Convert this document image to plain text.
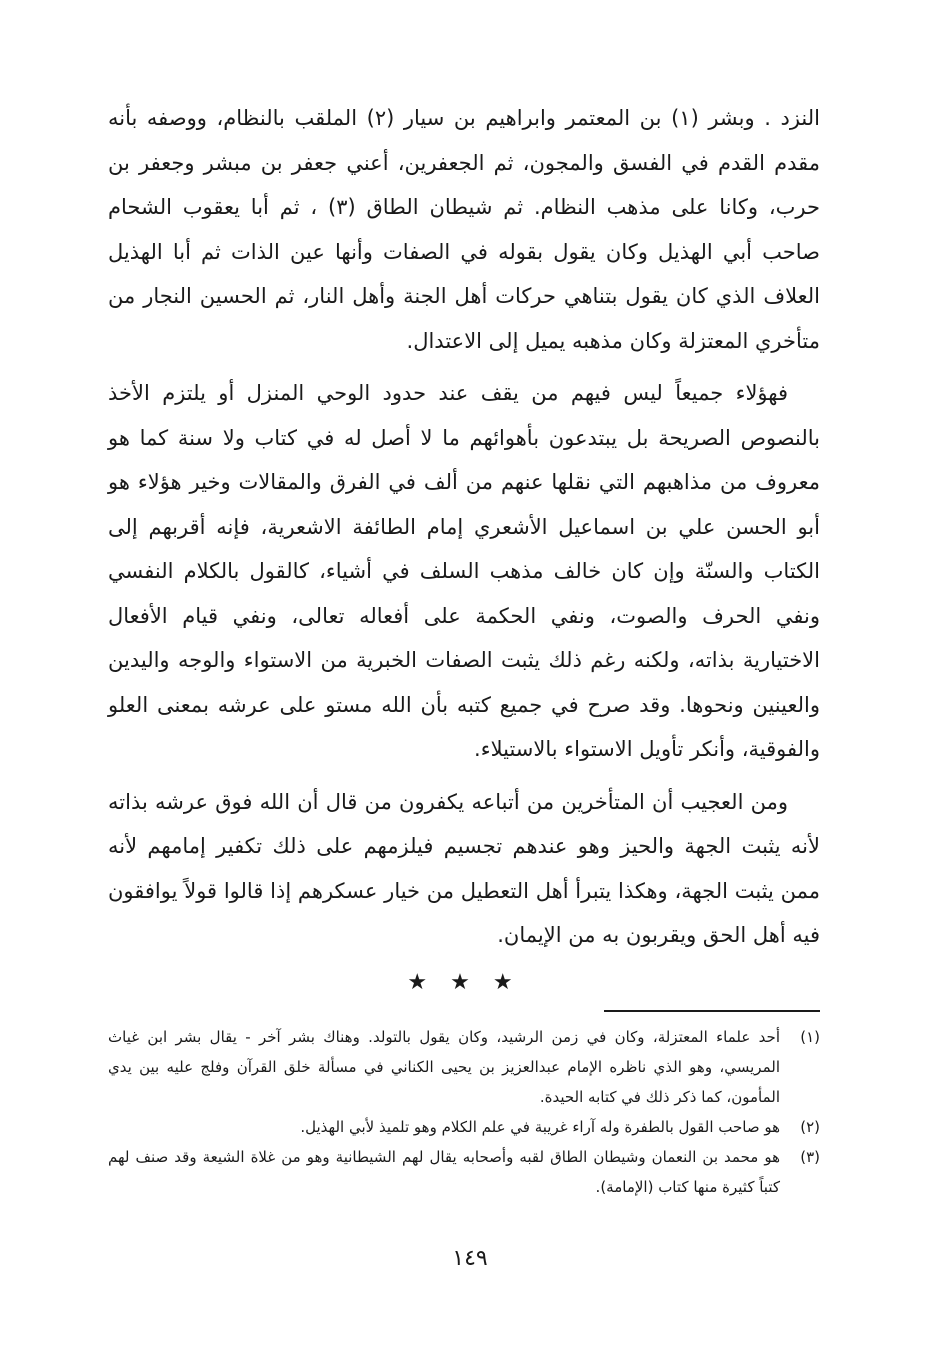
النزد . وبشر (١) بن المعتمر وابراهيم بن سيار (٢) الملقب بالنظام، ووصفه بأنه مقدم القدم في الفسق والمجون، ثم الجعفرين، أعني جعفر بن مبشر وجعفر بن حرب، وكانا على مذهب النظام. ثم شيطان الطاق (٣) ، ثم أبا يعقوب الشحام صاحب أبي الهذيل وكان يقول بقوله في الصفات وأنها عين الذات ثم أبا الهذيل العلاف الذي كان يقول بتناهي حركات أهل الجنة وأهل النار، ثم الحسين النجار من متأخري المعتزلة وكان مذهبه يميل إلى الاعتدال.

فهؤلاء جميعاً ليس فيهم من يقف عند حدود الوحي المنزل أو يلتزم الأخذ بالنصوص الصريحة بل يبتدعون بأهوائهم ما لا أصل له في كتاب ولا سنة كما هو معروف من مذاهبهم التي نقلها عنهم من ألف في الفرق والمقالات وخير هؤلاء هو أبو الحسن علي بن اسماعيل الأشعري إمام الطائفة الاشعرية، فإنه أقربهم إلى الكتاب والسنّة وإن كان خالف مذهب السلف في أشياء، كالقول بالكلام النفسي ونفي الحرف والصوت، ونفي الحكمة على أفعاله تعالى، ونفي قيام الأفعال الاختيارية بذاته، ولكنه رغم ذلك يثبت الصفات الخبرية من الاستواء والوجه واليدين والعينين ونحوها. وقد صرح في جميع كتبه بأن الله مستو على عرشه بمعنى العلو والفوقية، وأنكر تأويل الاستواء بالاستيلاء.

ومن العجيب أن المتأخرين من أتباعه يكفرون من قال أن الله فوق عرشه بذاته لأنه يثبت الجهة والحيز وهو عندهم تجسيم فيلزمهم على ذلك تكفير إمامهم لأنه ممن يثبت الجهة، وهكذا يتبرأ أهل التعطيل من خيار عسكرهم إذا قالوا قولاً يوافقون فيه أهل الحق ويقربون به من الإيمان.

★ ★ ★
(١)
أحد علماء المعتزلة، وكان في زمن الرشيد، وكان يقول بالتولد. وهناك بشر آخر - يقال بشر ابن غياث المريسي، وهو الذي ناظره الإمام عبدالعزيز بن يحيى الكناني في مسألة خلق القرآن وفلج عليه بين يدي المأمون، كما ذكر ذلك في كتابه الحيدة.
(٢)
هو صاحب القول بالطفرة وله آراء غريبة في علم الكلام وهو تلميذ لأبي الهذيل.
(٣)
هو محمد بن النعمان وشيطان الطاق لقبه وأصحابه يقال لهم الشيطانية وهو من غلاة الشيعة وقد صنف لهم كتباً كثيرة منها كتاب (الإمامة).
١٤٩
